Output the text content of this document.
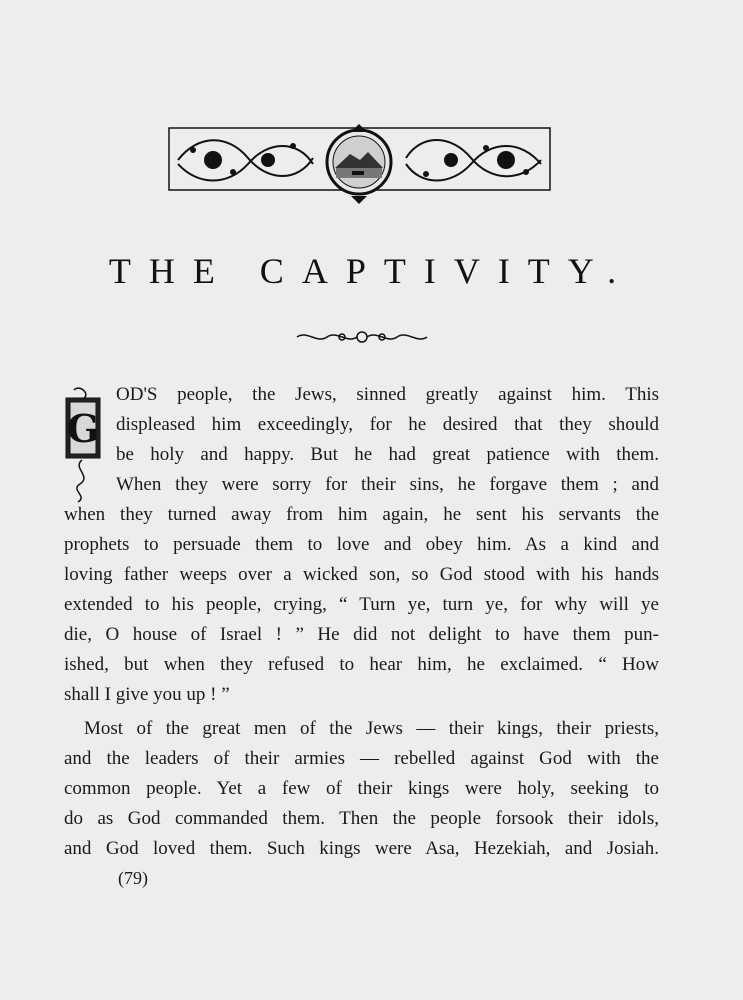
THE CAPTIVITY.
G
OD'S people, the Jews, sinned greatly against him. This
displeased him exceedingly, for he desired that they should
be holy and happy. But he had great patience with them.
When they were sorry for their sins, he forgave them ; and
when they turned away from him again, he sent his servants the
prophets to persuade them to love and obey him. As a kind and
loving father weeps over a wicked son, so God stood with his hands
extended to his people, crying, “ Turn ye, turn ye, for why will ye
die, O house of Israel ! ” He did not delight to have them pun-
ished, but when they refused to hear him, he exclaimed. “ How
shall I give you up ! ”
Most of the great men of the Jews — their kings, their priests,
and the leaders of their armies — rebelled against God with the
common people. Yet a few of their kings were holy, seeking to
do as God commanded them. Then the people forsook their idols,
and God loved them. Such kings were Asa, Hezekiah, and Josiah.
(79)
